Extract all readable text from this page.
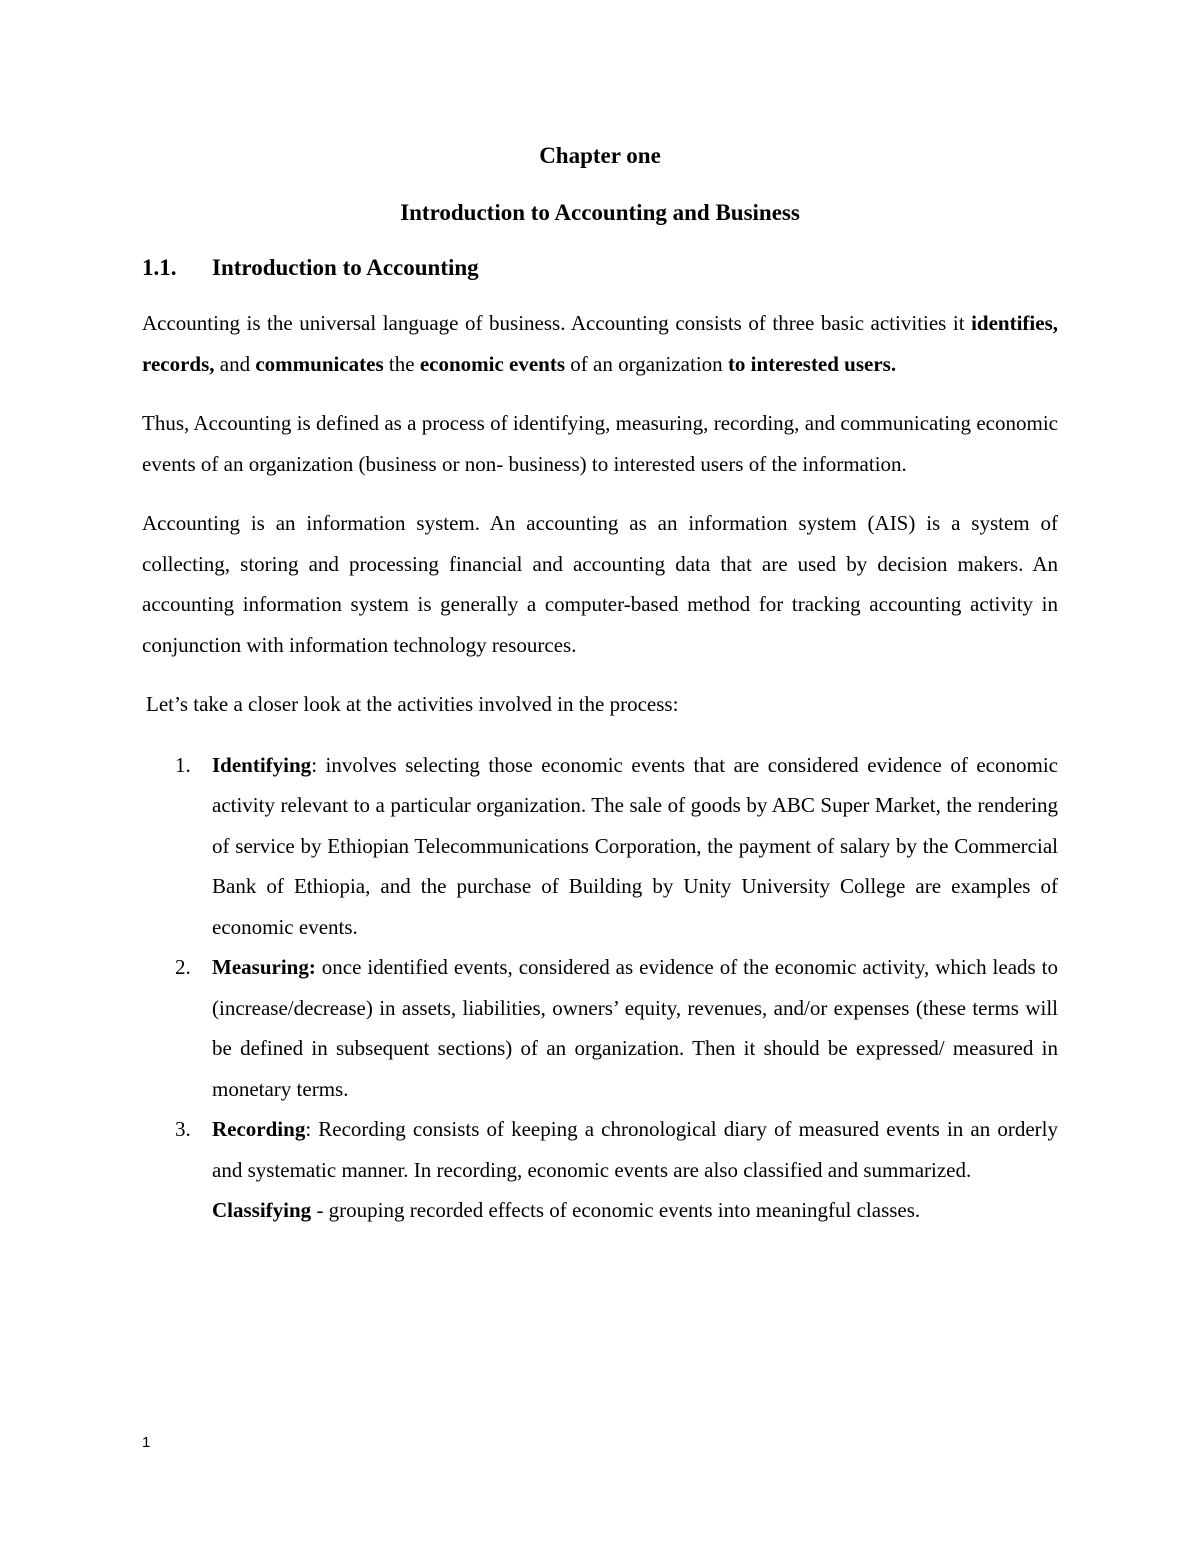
Chapter one
Introduction to Accounting and Business
1.1.	Introduction to Accounting

Accounting is the universal language of business. Accounting consists of three basic activities it identifies, records, and communicates the economic events of an organization to interested users.

Thus, Accounting is defined as a process of identifying, measuring, recording, and communicating economic events of an organization (business or non- business) to interested users of the information.

Accounting is an information system. An accounting as an information system (AIS) is a system of collecting, storing and processing financial and accounting data that are used by decision makers. An accounting information system is generally a computer-based method for tracking accounting activity in conjunction with information technology resources.

Let’s take a closer look at the activities involved in the process:

1. Identifying: involves selecting those economic events that are considered evidence of economic activity relevant to a particular organization. The sale of goods by ABC Super Market, the rendering of service by Ethiopian Telecommunications Corporation, the payment of salary by the Commercial Bank of Ethiopia, and the purchase of Building by Unity University College are examples of economic events.
2. Measuring: once identified events, considered as evidence of the economic activity, which leads to (increase/decrease) in assets, liabilities, owners’ equity, revenues, and/or expenses (these terms will be defined in subsequent sections) of an organization. Then it should be expressed/ measured in monetary terms.
3. Recording: Recording consists of keeping a chronological diary of measured events in an orderly and systematic manner. In recording, economic events are also classified and summarized.

Classifying - grouping recorded effects of economic events into meaningful classes.

1
